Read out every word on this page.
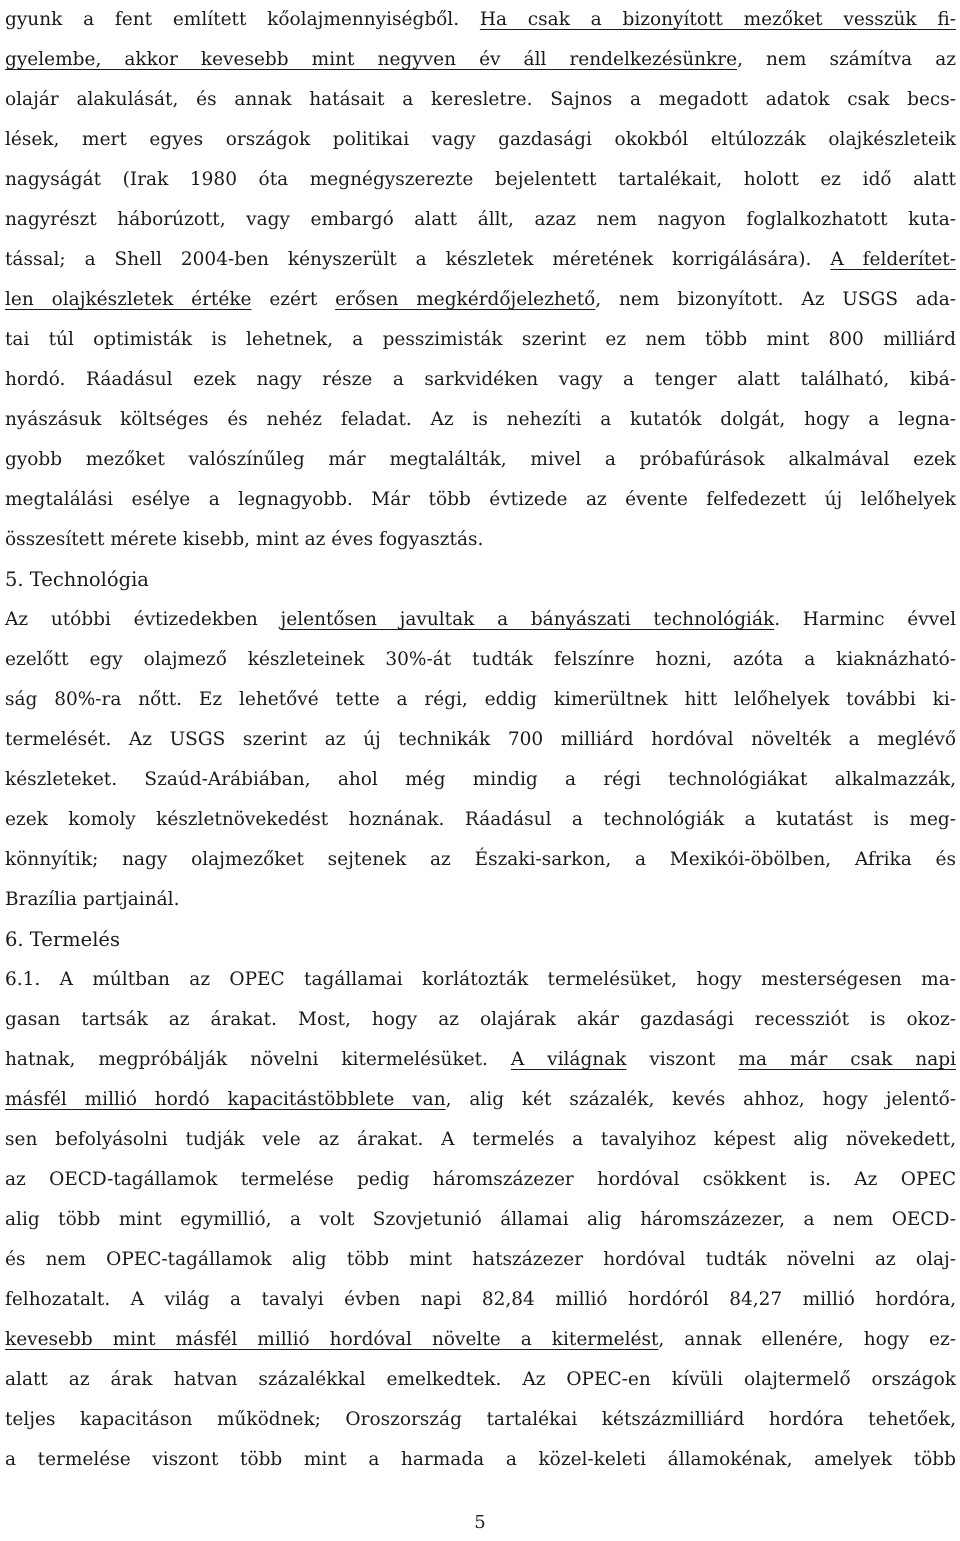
gyunk a fent említett kőolajmennyiségből. Ha csak a bizonyított mezőket vesszük fi-
gyelembe, akkor kevesebb mint negyven év áll rendelkezésünkre, nem számítva az
olajár alakulását, és annak hatásait a keresletre. Sajnos a megadott adatok csak becs-
lések, mert egyes országok politikai vagy gazdasági okokból eltúlozzák olajkészleteik
nagyságát (Irak 1980 óta megnégyszerezte bejelentett tartalékait, holott ez idő alatt
nagyrészt háborúzott, vagy embargó alatt állt, azaz nem nagyon foglalkozhatott kuta-
tással; a Shell 2004-ben kényszerült a készletek méretének korrigálására). A felderítet-
len olajkészletek értéke ezért erősen megkérdőjelezhető, nem bizonyított. Az USGS ada-
tai túl optimisták is lehetnek, a pesszimisták szerint ez nem több mint 800 milliárd
hordó. Ráadásul ezek nagy része a sarkvidéken vagy a tenger alatt található, kibá-
nyászásuk költséges és nehéz feladat. Az is nehezíti a kutatók dolgát, hogy a legna-
gyobb mezőket valószínűleg már megtalálták, mivel a próbafúrások alkalmával ezek
megtalálási esélye a legnagyobb. Már több évtizede az évente felfedezett új lelőhelyek
összesített mérete kisebb, mint az éves fogyasztás.
5. Technológia
Az utóbbi évtizedekben jelentősen javultak a bányászati technológiák. Harminc évvel
ezelőtt egy olajmező készleteinek 30%-át tudták felszínre hozni, azóta a kiaknázható-
ság 80%-ra nőtt. Ez lehetővé tette a régi, eddig kimerültnek hitt lelőhelyek további ki-
termelését. Az USGS szerint az új technikák 700 milliárd hordóval növelték a meglévő
készleteket. Szaúd-Arábiában, ahol még mindig a régi technológiákat alkalmazzák,
ezek komoly készletnövekedést hoznának. Ráadásul a technológiák a kutatást is meg-
könnyítik; nagy olajmezőket sejtenek az Északi-sarkon, a Mexikói-öbölben, Afrika és
Brazília partjainál.
6. Termelés
6.1. A múltban az OPEC tagállamai korlátozták termelésüket, hogy mesterségesen ma-
gasan tartsák az árakat. Most, hogy az olajárak akár gazdasági recessziót is okoz-
hatnak, megpróbálják növelni kitermelésüket. A világnak viszont ma már csak napi
másfél millió hordó kapacitástöbblete van, alig két százalék, kevés ahhoz, hogy jelentő-
sen befolyásolni tudják vele az árakat. A termelés a tavalyihoz képest alig növekedett,
az OECD-tagállamok termelése pedig háromszázezer hordóval csökkent is. Az OPEC
alig több mint egymillió, a volt Szovjetunió államai alig háromszázezer, a nem OECD-
és nem OPEC-tagállamok alig több mint hatszázezer hordóval tudták növelni az olaj-
felhozatalt. A világ a tavalyi évben napi 82,84 millió hordóról 84,27 millió hordóra,
kevesebb mint másfél millió hordóval növelte a kitermelést, annak ellenére, hogy ez-
alatt az árak hatvan százalékkal emelkedtek. Az OPEC-en kívüli olajtermelő országok
teljes kapacitáson működnek; Oroszország tartalékai kétszázmilliárd hordóra tehetőek,
a termelése viszont több mint a harmada a közel-keleti államokénak, amelyek több
5
